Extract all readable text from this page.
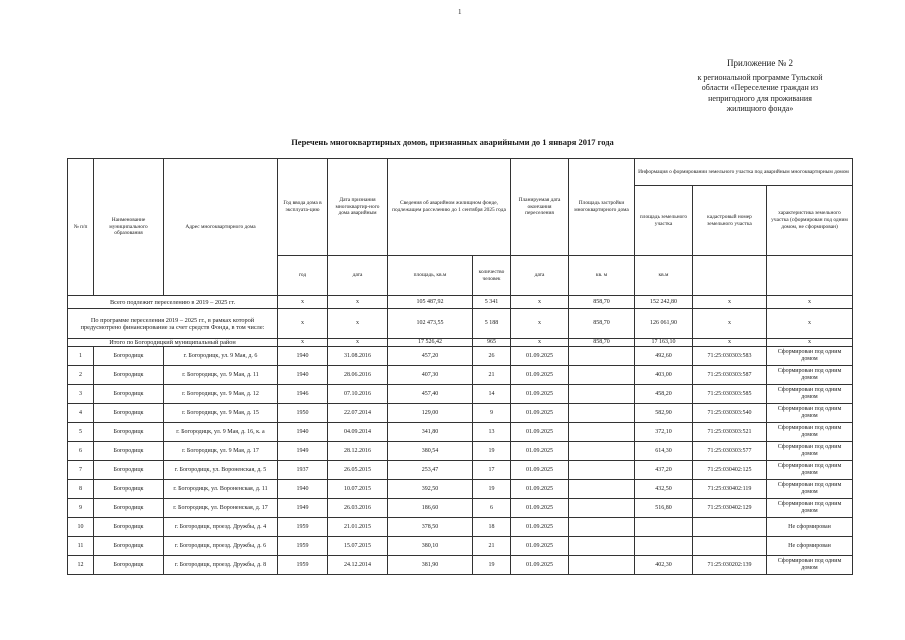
1
Приложение № 2
к региональной программе Тульской
области «Переселение граждан из
непригодного для проживания
жилищного фонда»
Перечень многоквартирных домов, признанных аварийными до 1 января 2017 года
№ п/п	Наименование муниципального образования	Адрес многоквартирного дома	Год ввода дома в эксплуата-цию	Дата признания многоквартир-ного дома аварийным	Сведения об аварийном жилищном фонде, подлежащем расселению до 1 сентября 2025 года		Планируемая дата окончания переселения	Площадь застройки многоквартирного дома	Информация о формировании земельного участка под аварийным многоквартирным домом		
									площадь земельного участка	кадастровый номер земельного участка	характеристика земельного участка (сформирован под одним домом, не сформирован)
			год	дата	площадь, кв.м	количество человек	дата	кв. м	кв.м		
Всего подлежит переселению в 2019 – 2025 гг.			х	х	105 487,92	5 341	х	858,70	152 242,80	х	х
По программе переселения 2019 – 2025 гг., в рамках которой предусмотрено финансирование за счет средств Фонда, в том числе:			х	х	102 473,55	5 188	х	858,70	126 061,90	х	х
Итого по Богородицкий муниципальный район			х	х	17 526,42	965	х	858,70	17 163,10	х	х
1	Богородицк	г. Богородицк, ул. 9 Мая, д. 6	1940	31.08.2016	457,20	26	01.09.2025		492,60	71:25:030303:583	Сформирован под одним домом
2	Богородицк	г. Богородицк, ул. 9 Мая, д. 11	1940	28.06.2016	407,30	21	01.09.2025		403,00	71:25:030303:587	Сформирован под одним домом
3	Богородицк	г. Богородицк, ул. 9 Мая, д. 12	1946	07.10.2016	457,40	14	01.09.2025		458,20	71:25:030303:585	Сформирован под одним домом
4	Богородицк	г. Богородицк, ул. 9 Мая, д. 15	1950	22.07.2014	129,00	9	01.09.2025		582,90	71:25:030303:540	Сформирован под одним домом
5	Богородицк	г. Богородицк, ул. 9 Мая, д. 16, к. а	1940	04.09.2014	341,80	13	01.09.2025		372,10	71:25:030303:521	Сформирован под одним домом
6	Богородицк	г. Богородицк, ул. 9 Мая, д. 17	1949	28.12.2016	380,54	19	01.09.2025		614,30	71:25:030303:577	Сформирован под одним домом
7	Богородицк	г. Богородицк, ул. Вороненская, д. 5	1937	26.05.2015	253,47	17	01.09.2025		437,20	71:25:030402:125	Сформирован под одним домом
8	Богородицк	г. Богородицк, ул. Вороненская, д. 11	1940	10.07.2015	392,50	19	01.09.2025		432,50	71:25:030402:119	Сформирован под одним домом
9	Богородицк	г. Богородицк, ул. Вороненская, д. 17	1949	26.03.2016	186,60	6	01.09.2025		516,80	71:25:030402:129	Сформирован под одним домом
10	Богородицк	г. Богородицк, проезд. Дружбы, д. 4	1959	21.01.2015	378,50	18	01.09.2025				Не сформирован
11	Богородицк	г. Богородицк, проезд. Дружбы, д. 6	1959	15.07.2015	380,10	21	01.09.2025				Не сформирован
12	Богородицк	г. Богородицк, проезд. Дружбы, д. 8	1959	24.12.2014	381,90	19	01.09.2025		402,30	71:25:030202:139	Сформирован под одним домом
